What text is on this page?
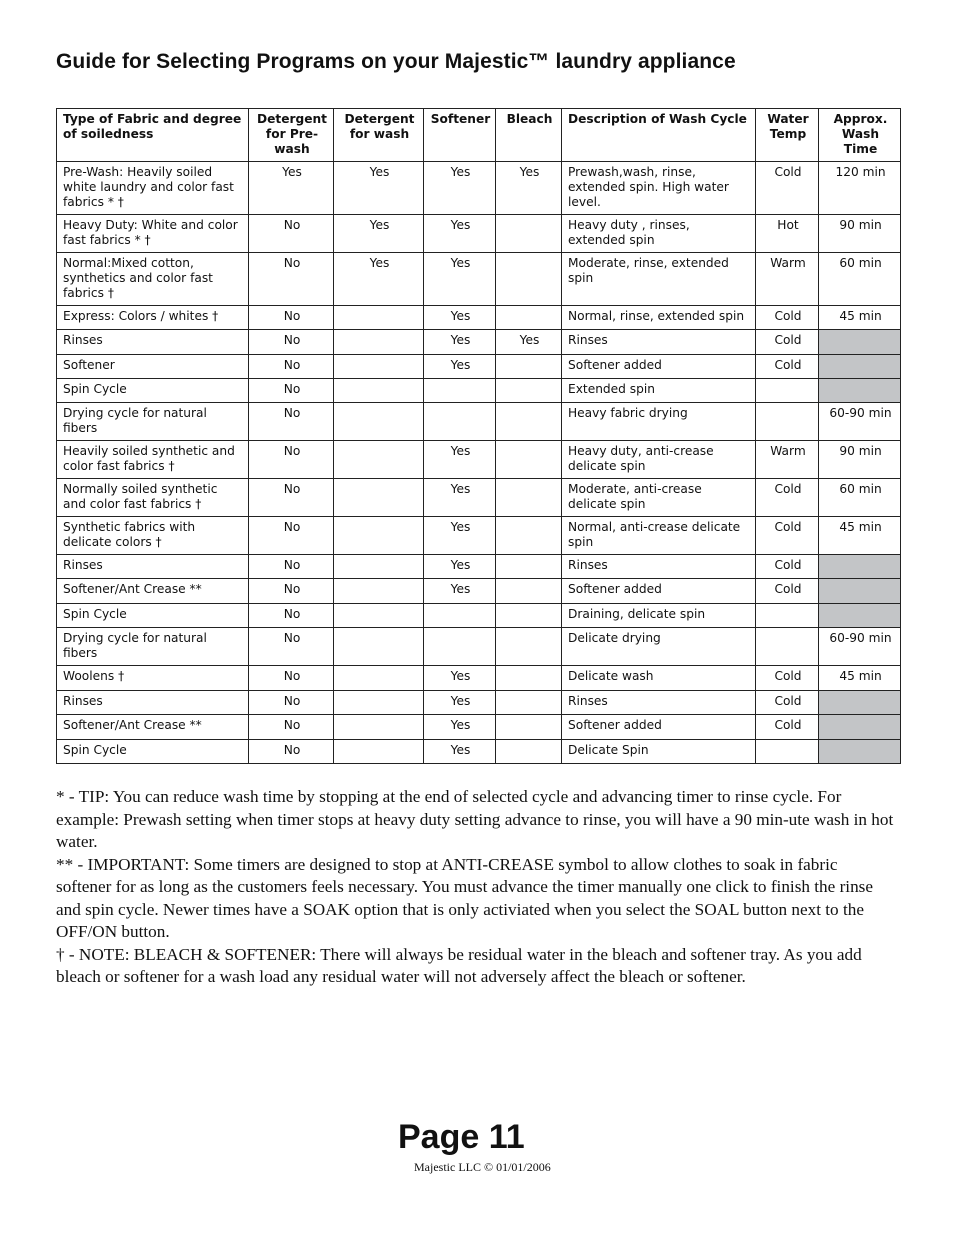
Guide for Selecting Programs on your Majestic™ laundry appliance
Type of Fabric and degree of soiledness	Detergent for Pre-wash	Detergent for wash	Softener	Bleach	Description of Wash Cycle	Water Temp	Approx. Wash Time
Pre-Wash: Heavily soiled white laundry and color fast fabrics * †	Yes	Yes	Yes	Yes	Prewash,wash, rinse, extended spin. High water level.	Cold	120 min
Heavy Duty: White and color fast fabrics * †	No	Yes	Yes		Heavy duty , rinses, extended spin	Hot	90 min
Normal:Mixed cotton, synthetics and color fast fabrics †	No	Yes	Yes		Moderate, rinse, extended spin	Warm	60 min
Express: Colors / whites †	No		Yes		Normal, rinse, extended spin	Cold	45 min
Rinses	No		Yes	Yes	Rinses	Cold	
Softener	No		Yes		Softener added	Cold	
Spin Cycle	No				Extended spin		
Drying cycle for natural fibers	No				Heavy fabric drying		60-90 min
Heavily soiled synthetic and color fast fabrics †	No		Yes		Heavy duty, anti-crease delicate spin	Warm	90 min
Normally soiled synthetic and color fast fabrics †	No		Yes		Moderate, anti-crease delicate spin	Cold	60 min
Synthetic fabrics with delicate colors †	No		Yes		Normal, anti-crease delicate spin	Cold	45 min
Rinses	No		Yes		Rinses	Cold	
Softener/Ant Crease **	No		Yes		Softener added	Cold	
Spin Cycle	No				Draining, delicate spin		
Drying cycle for natural fibers	No				Delicate drying		60-90 min
Woolens †	No		Yes		Delicate wash	Cold	45 min
Rinses	No		Yes		Rinses	Cold	
Softener/Ant Crease **	No		Yes		Softener added	Cold	
Spin Cycle	No		Yes		Delicate Spin		

* - TIP: You can reduce wash time by stopping at the end of selected cycle and advancing timer to rinse cycle. For example: Prewash setting when timer stops at heavy duty setting advance to rinse, you will have a 90 min-ute wash in hot water.

** - IMPORTANT: Some timers are designed to stop at ANTI-CREASE symbol to allow clothes to soak in fabric softener for as long as the customers feels necessary. You must advance the timer manually one click to finish the rinse and spin cycle. Newer times have a SOAK option that is only activiated when you select the SOAL button next to the OFF/ON button.

† - NOTE: BLEACH & SOFTENER: There will always be residual water in the bleach and softener tray. As you add bleach or softener for a wash load any residual water will not adversely affect the bleach or softener.

Page 11
Majestic LLC © 01/01/2006
